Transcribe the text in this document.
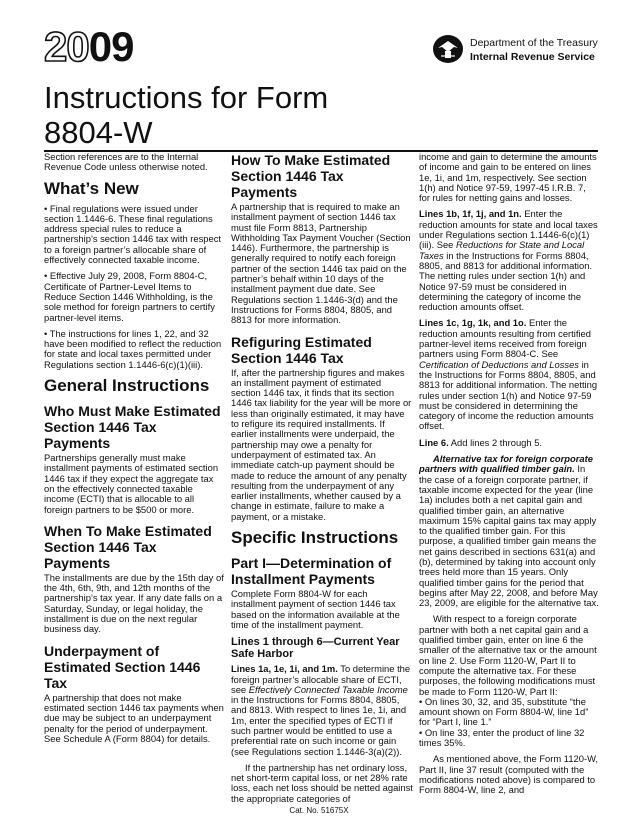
2009
Instructions for Form
8804-W
Department of the Treasury
Internal Revenue Service

Section references are to the Internal Revenue Code unless otherwise noted.

What’s New

• Final regulations were issued under section 1.1446-6. These final regulations address special rules to reduce a partnership’s section 1446 tax with respect to a foreign partner’s allocable share of effectively connected taxable income.

• Effective July 29, 2008, Form 8804-C, Certificate of Partner-Level Items to Reduce Section 1446 Withholding, is the sole method for foreign partners to certify partner-level items.

• The instructions for lines 1, 22, and 32 have been modified to reflect the reduction for state and local taxes permitted under Regulations section 1.1446-6(c)(1)(iii).

General Instructions
Who Must Make Estimated Section 1446 Tax Payments

Partnerships generally must make installment payments of estimated section 1446 tax if they expect the aggregate tax on the effectively connected taxable income (ECTI) that is allocable to all foreign partners to be $500 or more.

When To Make Estimated Section 1446 Tax Payments

The installments are due by the 15th day of the 4th, 6th, 9th, and 12th months of the partnership’s tax year. If any date falls on a Saturday, Sunday, or legal holiday, the installment is due on the next regular business day.

Underpayment of Estimated Section 1446 Tax

A partnership that does not make estimated section 1446 tax payments when due may be subject to an underpayment penalty for the period of underpayment. See Schedule A (Form 8804) for details.

How To Make Estimated Section 1446 Tax Payments

A partnership that is required to make an installment payment of section 1446 tax must file Form 8813, Partnership Withholding Tax Payment Voucher (Section 1446). Furthermore, the partnership is generally required to notify each foreign partner of the section 1446 tax paid on the partner’s behalf within 10 days of the installment payment due date. See Regulations section 1.1446-3(d) and the Instructions for Forms 8804, 8805, and 8813 for more information.

Refiguring Estimated Section 1446 Tax

If, after the partnership figures and makes an installment payment of estimated section 1446 tax, it finds that its section 1446 tax liability for the year will be more or less than originally estimated, it may have to refigure its required installments. If earlier installments were underpaid, the partnership may owe a penalty for underpayment of estimated tax. An immediate catch-up payment should be made to reduce the amount of any penalty resulting from the underpayment of any earlier installments, whether caused by a change in estimate, failure to make a payment, or a mistake.

Specific Instructions
Part I—Determination of Installment Payments

Complete Form 8804-W for each installment payment of section 1446 tax based on the information available at the time of the installment payment.

Lines 1 through 6—Current Year Safe Harbor

Lines 1a, 1e, 1i, and 1m. To determine the foreign partner’s allocable share of ECTI, see Effectively Connected Taxable Income in the Instructions for Forms 8804, 8805, and 8813. With respect to lines 1e, 1i, and 1m, enter the specified types of ECTI if such partner would be entitled to use a preferential rate on such income or gain (see Regulations section 1.1446-3(a)(2)).

If the partnership has net ordinary loss, net short-term capital loss, or net 28% rate loss, each net loss should be netted against the appropriate categories of

income and gain to determine the amounts of income and gain to be entered on lines 1e, 1i, and 1m, respectively. See section 1(h) and Notice 97-59, 1997-45 I.R.B. 7, for rules for netting gains and losses.

Lines 1b, 1f, 1j, and 1n. Enter the reduction amounts for state and local taxes under Regulations section 1.1446-6(c)(1)(iii). See Reductions for State and Local Taxes in the Instructions for Forms 8804, 8805, and 8813 for additional information. The netting rules under section 1(h) and Notice 97-59 must be considered in determining the category of income the reduction amounts offset.

Lines 1c, 1g, 1k, and 1o. Enter the reduction amounts resulting from certified partner-level items received from foreign partners using Form 8804-C. See Certification of Deductions and Losses in the Instructions for Forms 8804, 8805, and 8813 for additional information. The netting rules under section 1(h) and Notice 97-59 must be considered in determining the category of income the reduction amounts offset.

Line 6. Add lines 2 through 5.

Alternative tax for foreign corporate partners with qualified timber gain. In the case of a foreign corporate partner, if taxable income expected for the year (line 1a) includes both a net capital gain and qualified timber gain, an alternative maximum 15% capital gains tax may apply to the qualified timber gain. For this purpose, a qualified timber gain means the net gains described in sections 631(a) and (b), determined by taking into account only trees held more than 15 years. Only qualified timber gains for the period that begins after May 22, 2008, and before May 23, 2009, are eligible for the alternative tax.

With respect to a foreign corporate partner with both a net capital gain and a qualified timber gain, enter on line 6 the smaller of the alternative tax or the amount on line 2. Use Form 1120-W, Part II to compute the alternative tax. For these purposes, the following modifications must be made to Form 1120-W, Part II:

• On lines 30, 32, and 35, substitute “the amount shown on Form 8804-W, line 1d” for “Part I, line 1.”

• On line 33, enter the product of line 32 times 35%.

As mentioned above, the Form 1120-W, Part II, line 37 result (computed with the modifications noted above) is compared to Form 8804-W, line 2, and

Cat. No. 51675X
